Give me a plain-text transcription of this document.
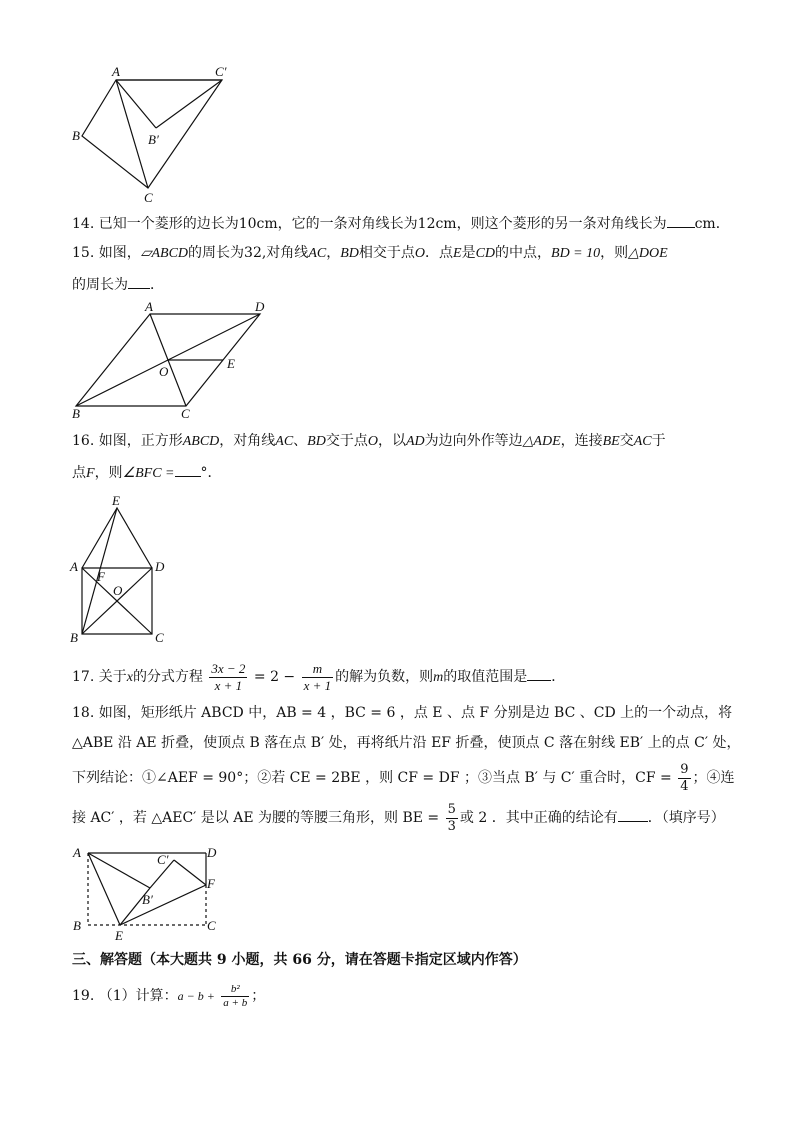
A	C′
B	B′
C
14. 已知一个菱形的边长为10cm，它的一条对角线长为12cm，则这个菱形的另一条对角线长为 cm．
15. 如图，▱ABCD的周长为32,对角线AC，BD相交于点O．点E是CD的中点，BD = 10，则△DOE
的周长为 ．
A	D
O
E
B	C
16. 如图，正方形ABCD，对角线AC、BD交于点O，以AD为边向外作等边△ADE，连接BE交AC于
点F，则∠BFC = °．
E
A	D
F
O
B	C
17. 关于x的分式方程 $\frac{3x - 2}{x + 1} = 2 - \frac{m}{x + 1}$ 的解为负数，则m的取值范围是 ．
18. 如图，矩形纸片 ABCD 中，AB = 4 ，BC = 6 ，点 E 、点 F 分别是边 BC 、CD 上的一个动点，将
△ABE 沿 AE 折叠，使顶点 B 落在点 B′ 处，再将纸片沿 EF 折叠，使顶点 C 落在射线 EB′ 上的点 C′ 处，
下列结论：①∠AEF = 90°；②若 CE = 2BE ，则 CF = DF ；③当点 B′ 与 C′ 重合时，CF = $\frac{9}{4}$ ；④连
接 AC′ ，若 △AEC′ 是以 AE 为腰的等腰三角形，则 BE = $\frac{5}{3}$ 或 2 ．其中正确的结论有 ．（填序号）
A	D
C′
F
B′
B	C
E
三、解答题（本大题共 9 小题，共 66 分，请在答题卡指定区域内作答）
19. （1）计算：$a - b + \frac{\text{b²}}{a + b}$ ；
